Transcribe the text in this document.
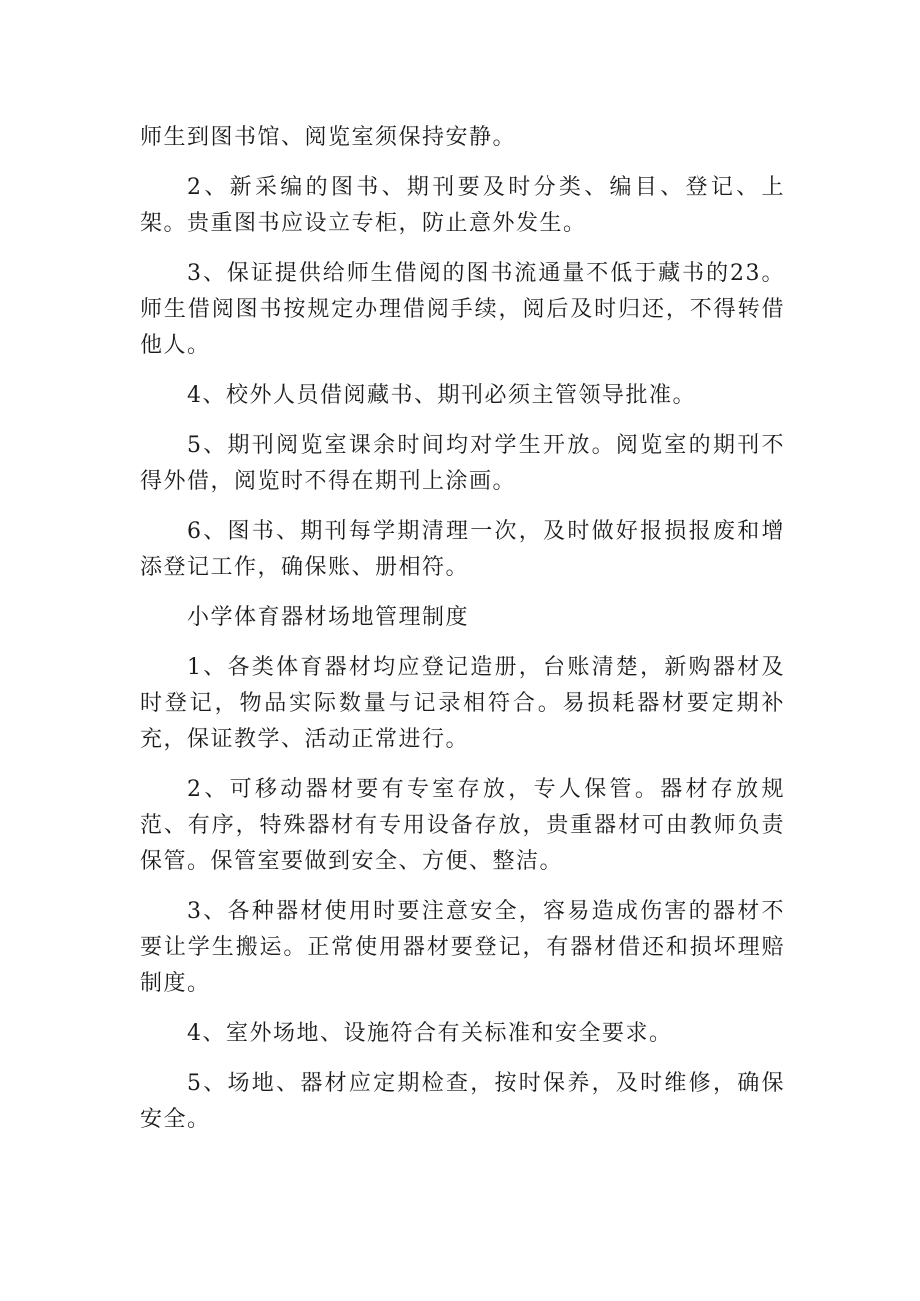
师生到图书馆、阅览室须保持安静。

2、新采编的图书、期刊要及时分类、编目、登记、上架。贵重图书应设立专柜，防止意外发生。

3、保证提供给师生借阅的图书流通量不低于藏书的23。师生借阅图书按规定办理借阅手续，阅后及时归还，不得转借他人。

4、校外人员借阅藏书、期刊必须主管领导批准。

5、期刊阅览室课余时间均对学生开放。阅览室的期刊不得外借，阅览时不得在期刊上涂画。

6、图书、期刊每学期清理一次，及时做好报损报废和增添登记工作，确保账、册相符。

小学体育器材场地管理制度

1、各类体育器材均应登记造册，台账清楚，新购器材及时登记，物品实际数量与记录相符合。易损耗器材要定期补充，保证教学、活动正常进行。

2、可移动器材要有专室存放，专人保管。器材存放规范、有序，特殊器材有专用设备存放，贵重器材可由教师负责保管。保管室要做到安全、方便、整洁。

3、各种器材使用时要注意安全，容易造成伤害的器材不要让学生搬运。正常使用器材要登记，有器材借还和损坏理赔制度。

4、室外场地、设施符合有关标准和安全要求。

5、场地、器材应定期检查，按时保养，及时维修，确保安全。
